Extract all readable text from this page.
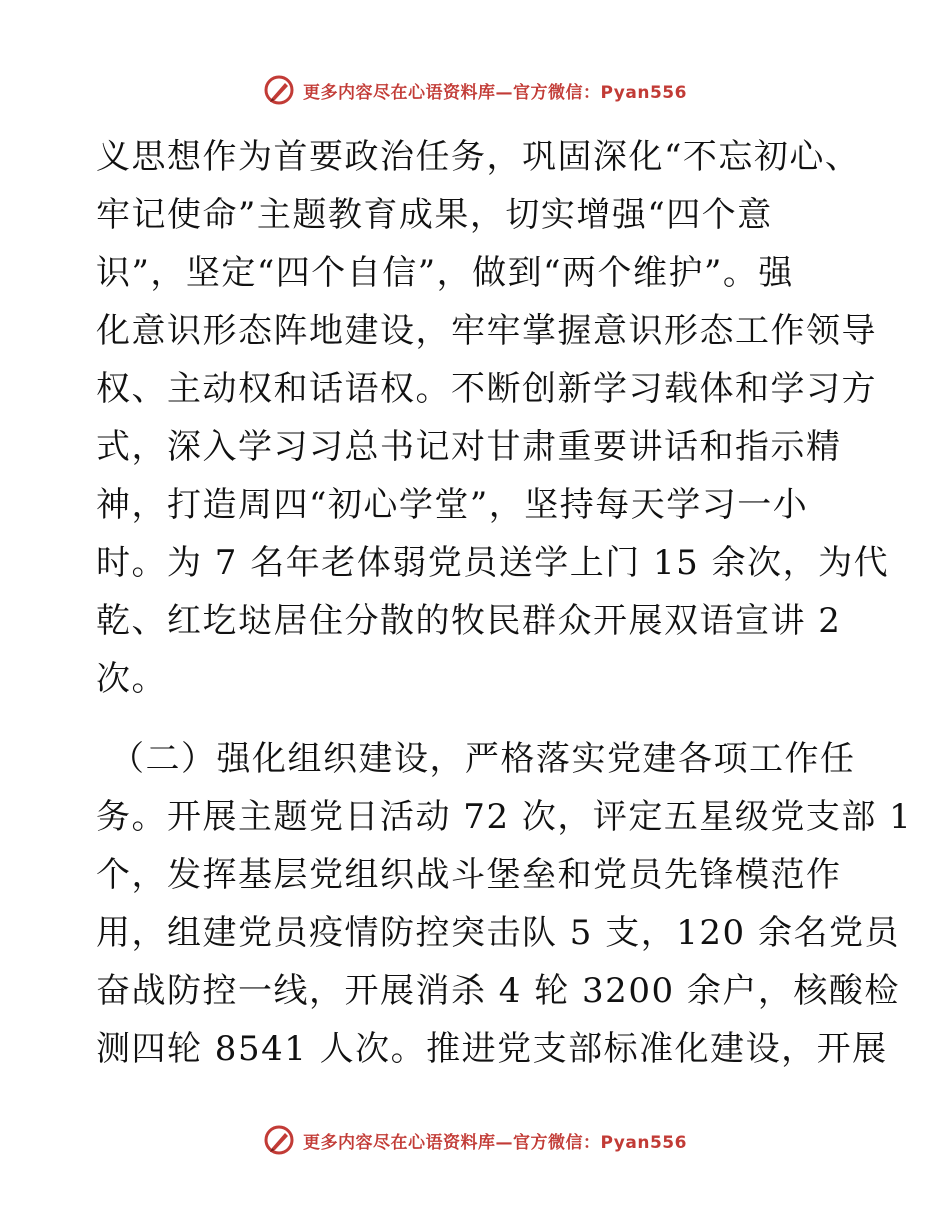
更多内容尽在心语资料库—官方微信：Pyan556
义思想作为首要政治任务，巩固深化“不忘初心、
牢记使命”主题教育成果，切实增强“四个意
识”，坚定“四个自信”，做到“两个维护”。强
化意识形态阵地建设，牢牢掌握意识形态工作领导
权、主动权和话语权。不断创新学习载体和学习方
式，深入学习习总书记对甘肃重要讲话和指示精
神，打造周四“初心学堂”，坚持每天学习一小
时。为 7 名年老体弱党员送学上门 15 余次，为代
乾、红圪垯居住分散的牧民群众开展双语宣讲 2
次。
（二）强化组织建设，严格落实党建各项工作任
务。开展主题党日活动 72 次，评定五星级党支部 1
个，发挥基层党组织战斗堡垒和党员先锋模范作
用，组建党员疫情防控突击队 5 支，120 余名党员
奋战防控一线，开展消杀 4 轮 3200 余户，核酸检
测四轮 8541 人次。推进党支部标准化建设，开展
更多内容尽在心语资料库—官方微信：Pyan556
